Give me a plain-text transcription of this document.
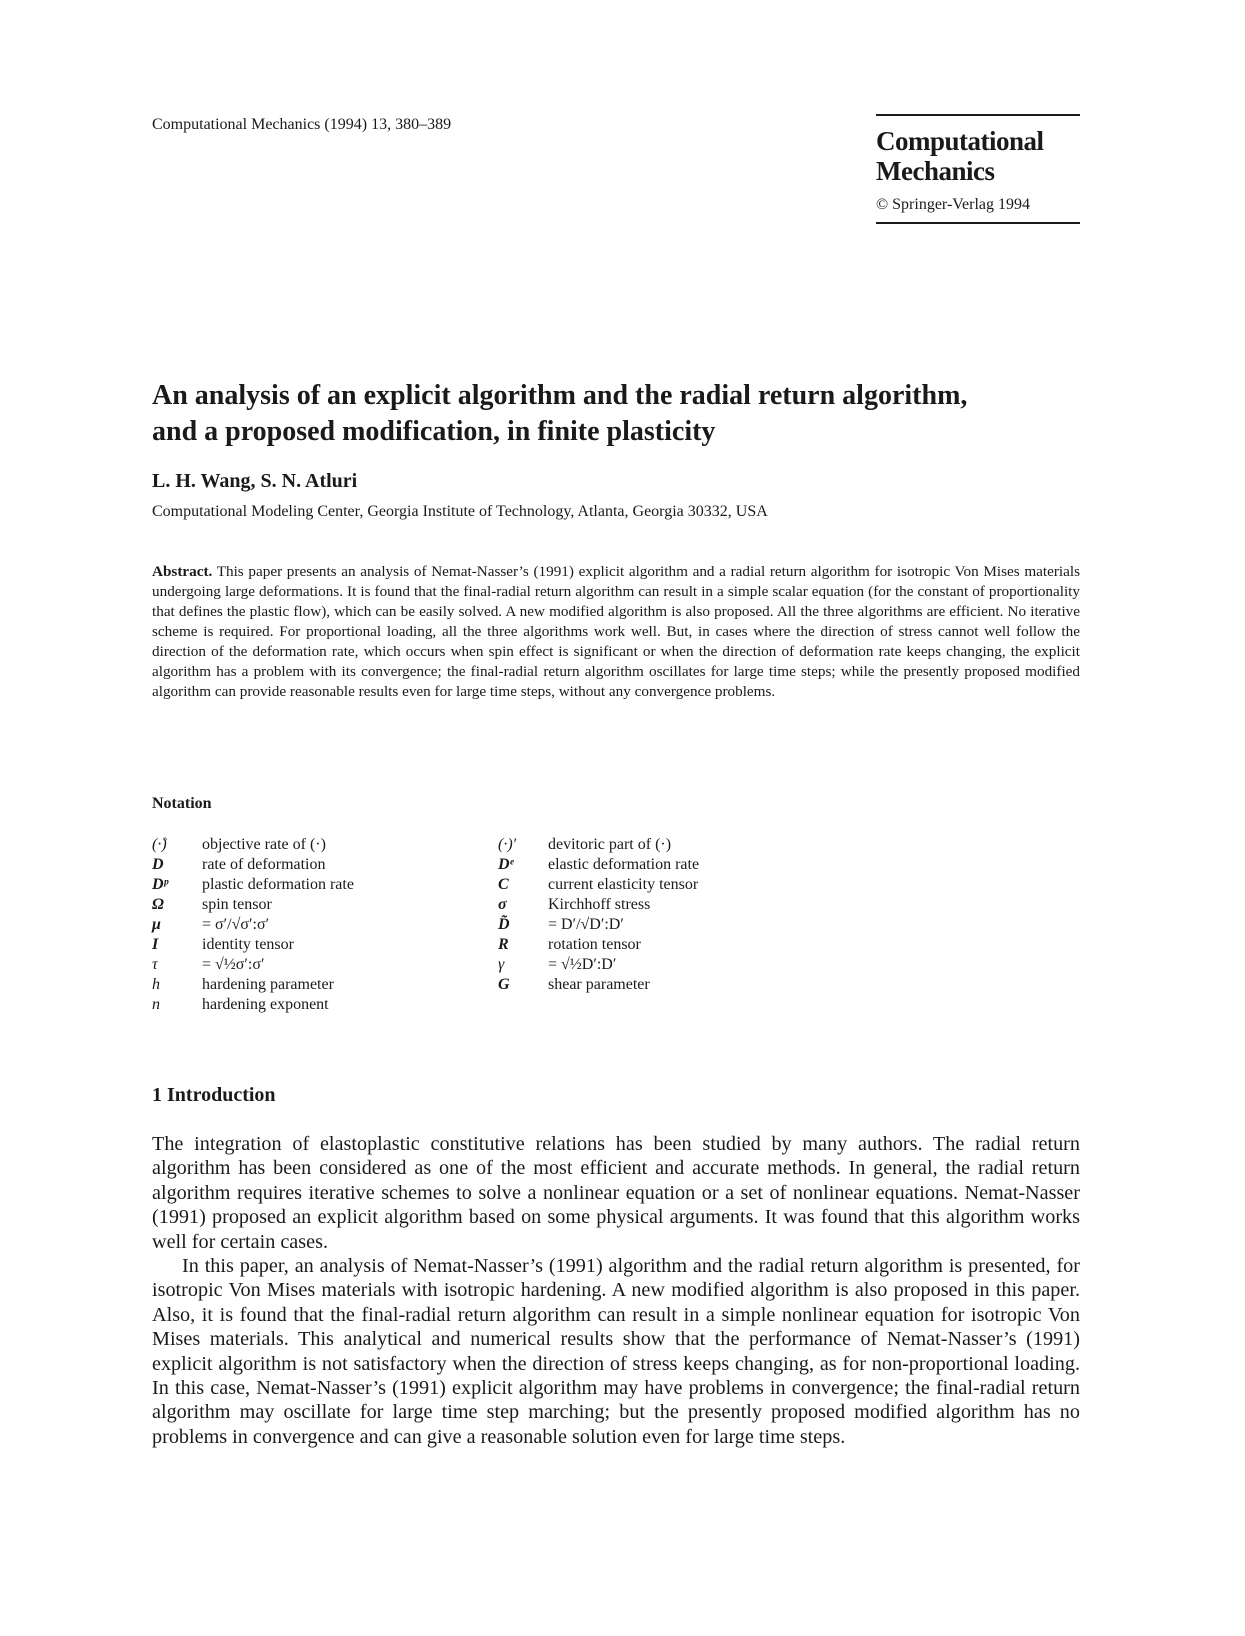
Computational Mechanics (1994) 13, 380–389
Computational
Mechanics
© Springer-Verlag 1994
An analysis of an explicit algorithm and the radial return algorithm,
and a proposed modification, in finite plasticity
L. H. Wang, S. N. Atluri
Computational Modeling Center, Georgia Institute of Technology, Atlanta, Georgia 30332, USA
Abstract. This paper presents an analysis of Nemat-Nasser’s (1991) explicit algorithm and a radial return algorithm for isotropic Von Mises materials undergoing large deformations. It is found that the final-radial return algorithm can result in a simple scalar equation (for the constant of proportionality that defines the plastic flow), which can be easily solved. A new modified algorithm is also proposed. All the three algorithms are efficient. No iterative scheme is required. For proportional loading, all the three algorithms work well. But, in cases where the direction of stress cannot well follow the direction of the deformation rate, which occurs when spin effect is significant or when the direction of deformation rate keeps changing, the explicit algorithm has a problem with its convergence; the final-radial return algorithm oscillates for large time steps; while the presently proposed modified algorithm can provide reasonable results even for large time steps, without any convergence problems.
Notation
(·̊)	objective rate of (·)
D	rate of deformation
Dᵖ	plastic deformation rate
Ω	spin tensor
μ	= σ′/√σ′:σ′
I	identity tensor
τ	= √½σ′:σ′
h	hardening parameter
n	hardening exponent
(·)′	devitoric part of (·)
Dᵉ	elastic deformation rate
C	current elasticity tensor
σ	Kirchhoff stress
D̃	= D′/√D′:D′
R	rotation tensor
γ	= √½D′:D′
G	shear parameter
1 Introduction

The integration of elastoplastic constitutive relations has been studied by many authors. The radial return algorithm has been considered as one of the most efficient and accurate methods. In general, the radial return algorithm requires iterative schemes to solve a nonlinear equation or a set of nonlinear equations. Nemat-Nasser (1991) proposed an explicit algorithm based on some physical arguments. It was found that this algorithm works well for certain cases.

In this paper, an analysis of Nemat-Nasser’s (1991) algorithm and the radial return algorithm is presented, for isotropic Von Mises materials with isotropic hardening. A new modified algorithm is also proposed in this paper. Also, it is found that the final-radial return algorithm can result in a simple nonlinear equation for isotropic Von Mises materials. This analytical and numerical results show that the performance of Nemat-Nasser’s (1991) explicit algorithm is not satisfactory when the direction of stress keeps changing, as for non-proportional loading. In this case, Nemat-Nasser’s (1991) explicit algorithm may have problems in convergence; the final-radial return algorithm may oscillate for large time step marching; but the presently proposed modified algorithm has no problems in convergence and can give a reasonable solution even for large time steps.
